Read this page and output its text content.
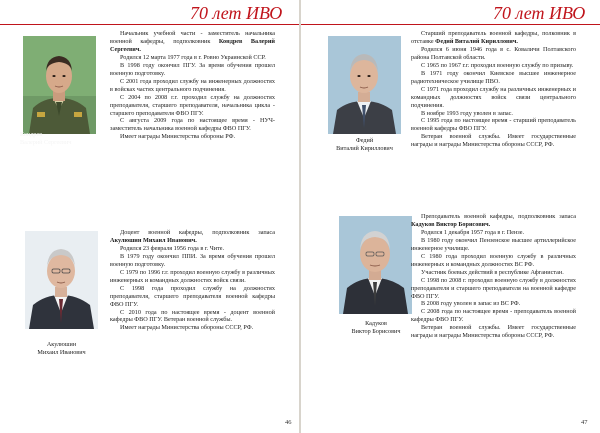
70 лет ИВО
Кондрев
Валерий Сергеевич

Начальник учебной части - заместитель начальника военной кафедры, подполковник Кондрев Валерий Сергеевич.

Родился 12 марта 1977 года в г. Ровно Украинской ССР.

В 1998 году окончил ПГУ. За время обучения прошел военную подготовку.

С 2001 года проходил службу на инженерных должностях в войсках частях центрального подчинения.

С 2004 по 2008 г.г. проходил службу на должностях преподавателя, старшего преподавателя, начальника цикла - старшего преподавателя ФВО ПГУ.

С августа 2009 года по настоящее время - НУЧ- заместитель начальника военной кафедры ФВО ПГУ.

Имеет награды Министерства обороны РФ.

Акулюшин
Михаил Иванович

Доцент военной кафедры, подполковник запаса Акулюшин Михаил Иванович.

Родился 23 февраля 1956 года в г. Чите.

В 1979 году окончил ППИ. За время обучения прошел военную подготовку.

С 1979 по 1996 г.г. проходил военную службу в различных инженерных и командных должностях войск связи.

С 1998 года проходил службу на должностях преподавателя, старшего преподавателя военной кафедры ФВО ПГУ.

С 2010 года по настоящее время - доцент военной кафедры ФВО ПГУ. Ветеран военной службы.

Имеет награды Министерства обороны СССР, РФ.

46
70 лет ИВО
Федий
Виталий Кириллович

Старший преподаватель военной кафедры, полковник в отставке Федий Виталий Кириллович.

Родился 6 июня 1946 года в с. Коваличи Полтавского района Полтавской области.

С 1965 по 1967 г.г. проходил военную службу по призыву.

В 1971 году окончил Киевское высшее инженерное радиотехническое училище ПВО.

С 1971 года проходил службу на различных инженерных и командных должностях войск связи центрального подчинения.

В ноябре 1993 году уволен в запас.

С 1995 года по настоящее время - старший преподаватель военной кафедры ФВО ПГУ.

Ветеран военной службы. Имеет государственные награды и награды Министерства обороны СССР, РФ.

Кадуков
Виктор Борисович

Преподаватель военной кафедры, подполковник запаса Кадуков Виктор Борисович.

Родился 1 декабря 1957 года в г. Пензе.

В 1980 году окончил Пензенское высшее артиллерийское инженерное училище.

С 1980 года проходил военную службу в различных инженерных и командных должностях ВС РФ.

Участник боевых действий в республике Афганистан.

С 1998 по 2008 г. проходил военную службу в должностях преподавателя и старшего преподавателя на военной кафедре ФВО ПГУ.

В 2008 году уволен в запас из ВС РФ.

С 2008 года по настоящее время - преподаватель военной кафедры ФВО ПГУ.

Ветеран военной службы. Имеет государственные награды и награды Министерства обороны СССР, РФ.

47
